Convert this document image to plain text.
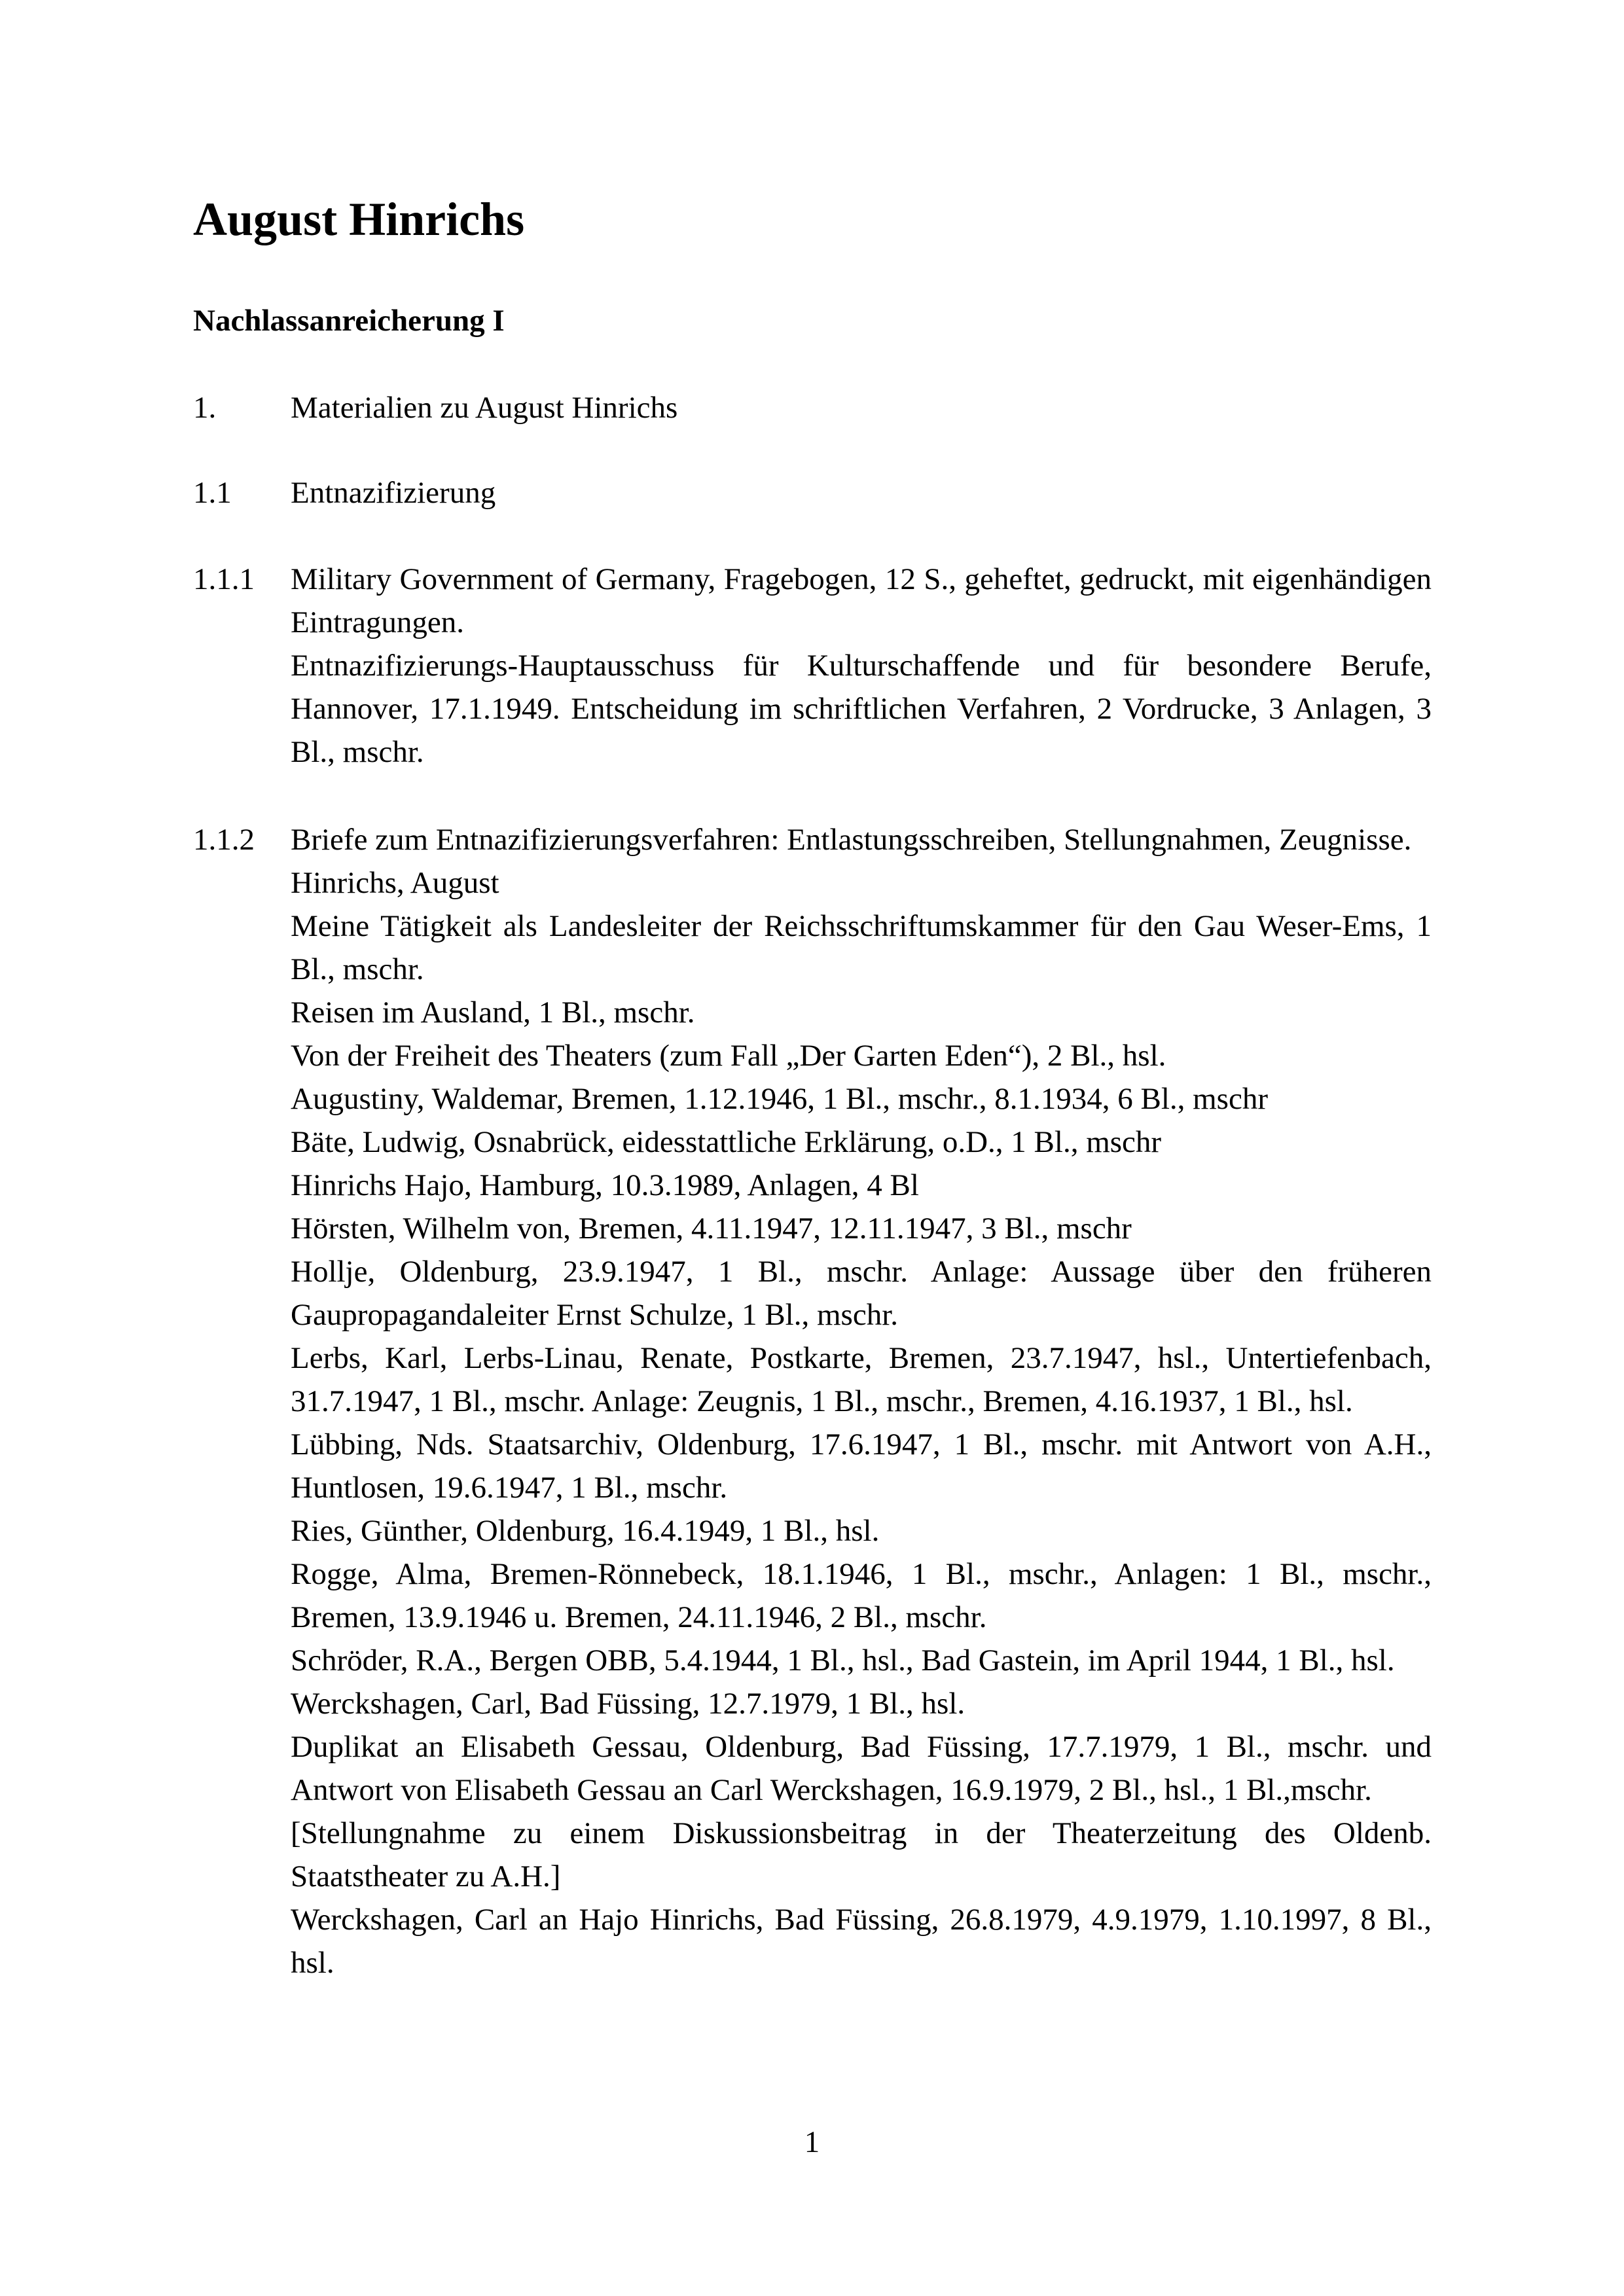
August Hinrichs
Nachlassanreicherung I
1.	Materialien zu August Hinrichs
1.1	Entnazifizierung
1.1.1	Military Government of Germany, Fragebogen, 12 S., geheftet, gedruckt, mit eigenhändigen Eintragungen.

Entnazifizierungs-Hauptausschuss für Kulturschaffende und für besondere Berufe, Hannover, 17.1.1949. Entscheidung im schriftlichen Verfahren, 2 Vordrucke, 3 Anlagen, 3 Bl., mschr.

1.1.2	Briefe zum Entnazifizierungsverfahren: Entlastungsschreiben, Stellungnahmen, Zeugnisse.

Hinrichs, August

Meine Tätigkeit als Landesleiter der Reichsschriftumskammer für den Gau Weser-Ems, 1 Bl., mschr.

Reisen im Ausland, 1 Bl., mschr.

Von der Freiheit des Theaters (zum Fall „Der Garten Eden“), 2 Bl., hsl.

Augustiny, Waldemar, Bremen, 1.12.1946, 1 Bl., mschr., 8.1.1934, 6 Bl., mschr

Bäte, Ludwig, Osnabrück, eidesstattliche Erklärung, o.D., 1 Bl., mschr

Hinrichs Hajo, Hamburg, 10.3.1989, Anlagen, 4 Bl

Hörsten, Wilhelm von, Bremen, 4.11.1947, 12.11.1947, 3 Bl., mschr

Hollje, Oldenburg, 23.9.1947, 1 Bl., mschr. Anlage: Aussage über den früheren Gaupropagandaleiter Ernst Schulze, 1 Bl., mschr.

Lerbs, Karl, Lerbs-Linau, Renate, Postkarte, Bremen, 23.7.1947, hsl., Untertiefenbach, 31.7.1947, 1 Bl., mschr. Anlage: Zeugnis, 1 Bl., mschr., Bremen, 4.16.1937, 1 Bl., hsl.

Lübbing, Nds. Staatsarchiv, Oldenburg, 17.6.1947, 1 Bl., mschr. mit Antwort von A.H., Huntlosen, 19.6.1947, 1 Bl., mschr.

Ries, Günther, Oldenburg, 16.4.1949, 1 Bl., hsl.

Rogge, Alma, Bremen-Rönnebeck, 18.1.1946, 1 Bl., mschr., Anlagen: 1 Bl., mschr., Bremen, 13.9.1946 u. Bremen, 24.11.1946, 2 Bl., mschr.

Schröder, R.A., Bergen OBB, 5.4.1944, 1 Bl., hsl., Bad Gastein, im April 1944, 1 Bl., hsl.

Werckshagen, Carl, Bad Füssing, 12.7.1979, 1 Bl., hsl.

Duplikat an Elisabeth Gessau, Oldenburg, Bad Füssing, 17.7.1979, 1 Bl., mschr. und Antwort von Elisabeth Gessau an Carl Werckshagen, 16.9.1979, 2 Bl., hsl., 1 Bl.,mschr.

[Stellungnahme zu einem Diskussionsbeitrag in der Theaterzeitung des Oldenb. Staatstheater zu A.H.]

Werckshagen, Carl an Hajo Hinrichs, Bad Füssing, 26.8.1979, 4.9.1979, 1.10.1997, 8 Bl., hsl.

1
